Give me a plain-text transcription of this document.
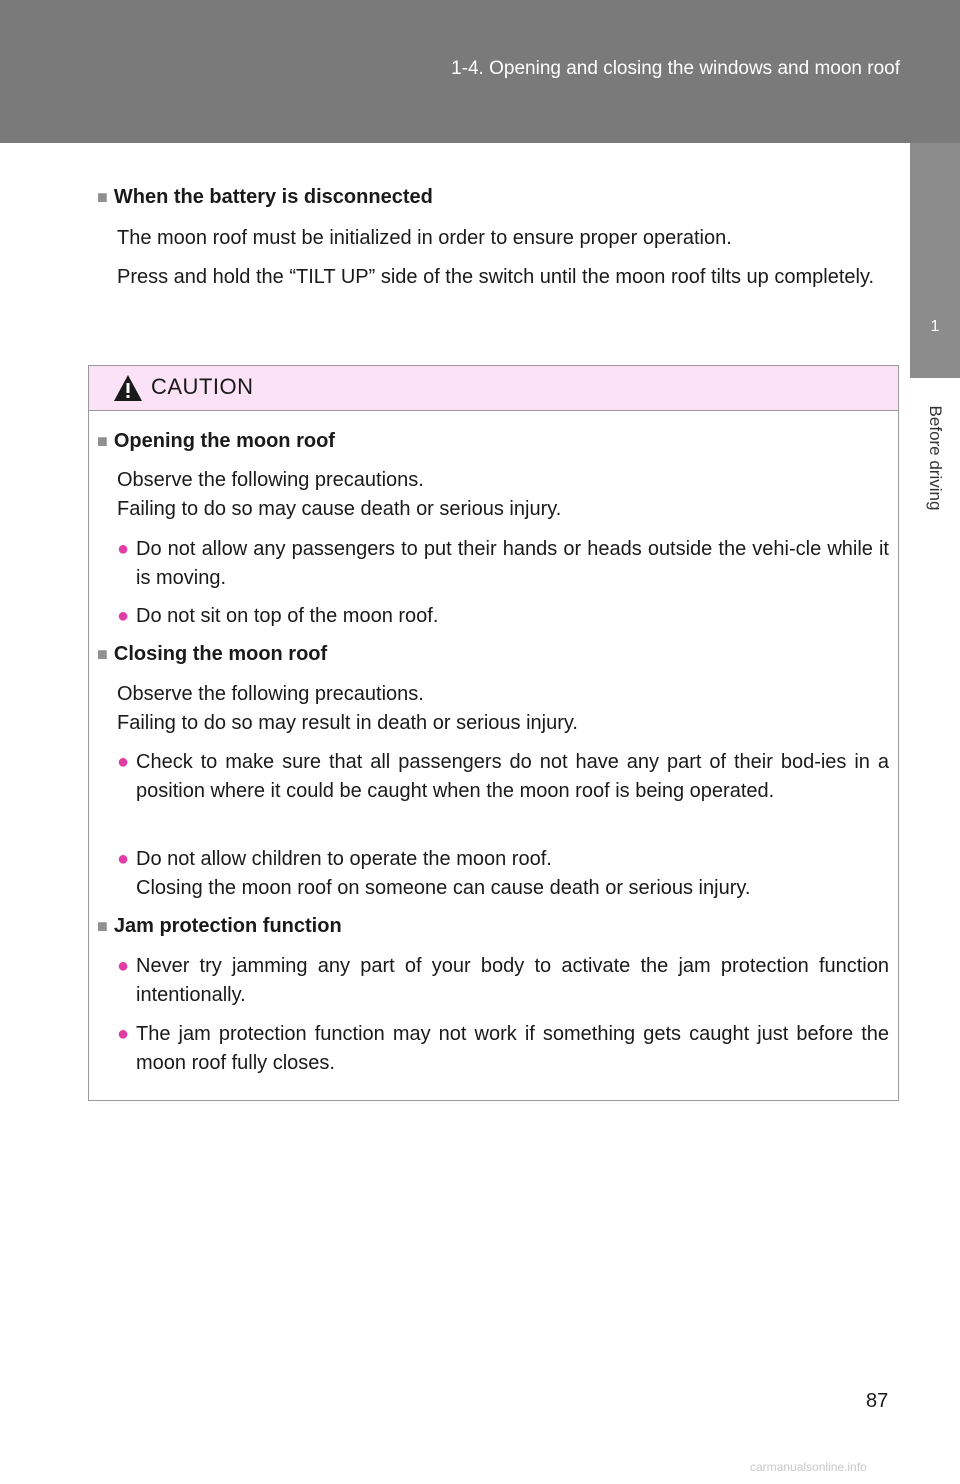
1-4. Opening and closing the windows and moon roof
1
Before driving
■ When the battery is disconnected
The moon roof must be initialized in order to ensure proper operation.
Press and hold the “TILT UP” side of the switch until the moon roof tilts up completely.
CAUTION
■ Opening the moon roof
Observe the following precautions.
Failing to do so may cause death or serious injury.
● Do not allow any passengers to put their hands or heads outside the vehi-cle while it is moving.
● Do not sit on top of the moon roof.
■ Closing the moon roof
Observe the following precautions.
Failing to do so may result in death or serious injury.
● Check to make sure that all passengers do not have any part of their bod-ies in a position where it could be caught when the moon roof is being operated.
● Do not allow children to operate the moon roof.
Closing the moon roof on someone can cause death or serious injury.
■ Jam protection function
● Never try jamming any part of your body to activate the jam protection function intentionally.
● The jam protection function may not work if something gets caught just before the moon roof fully closes.
87
carmanualsonline.info
